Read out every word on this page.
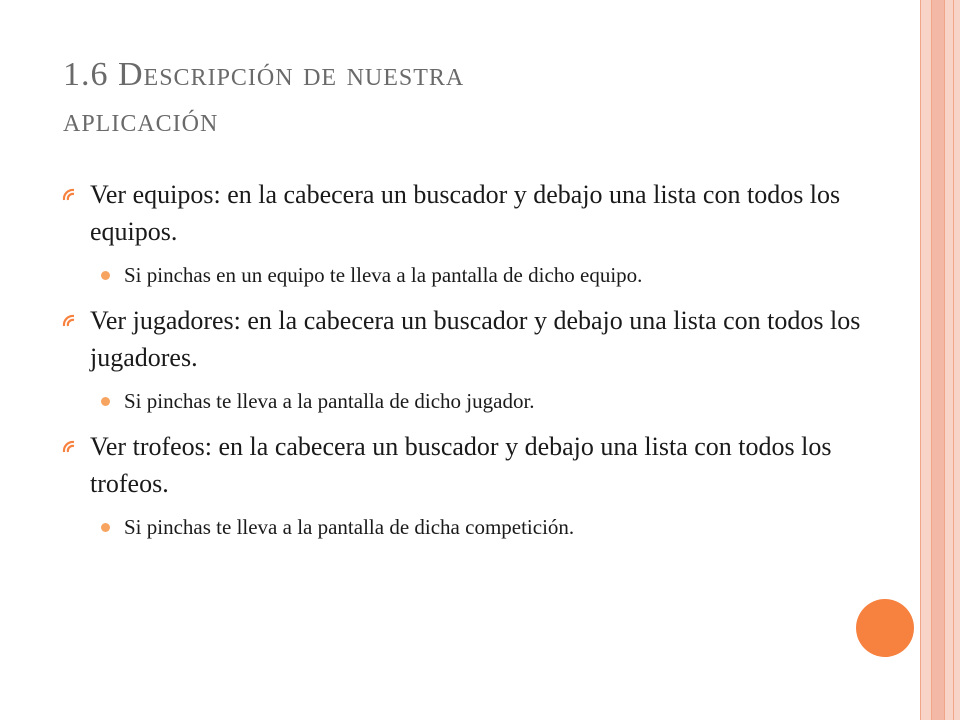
1.6 Descripción de nuestra
aplicación
Ver equipos: en la cabecera un buscador y debajo una lista con todos los equipos.
Si pinchas en un equipo te lleva a la pantalla de dicho equipo.
Ver jugadores: en la cabecera un buscador y debajo una lista con todos los jugadores.
Si pinchas te lleva a la pantalla de dicho jugador.
Ver trofeos: en la cabecera un buscador y debajo una lista con todos los trofeos.
Si pinchas te lleva a la pantalla de dicha competición.
